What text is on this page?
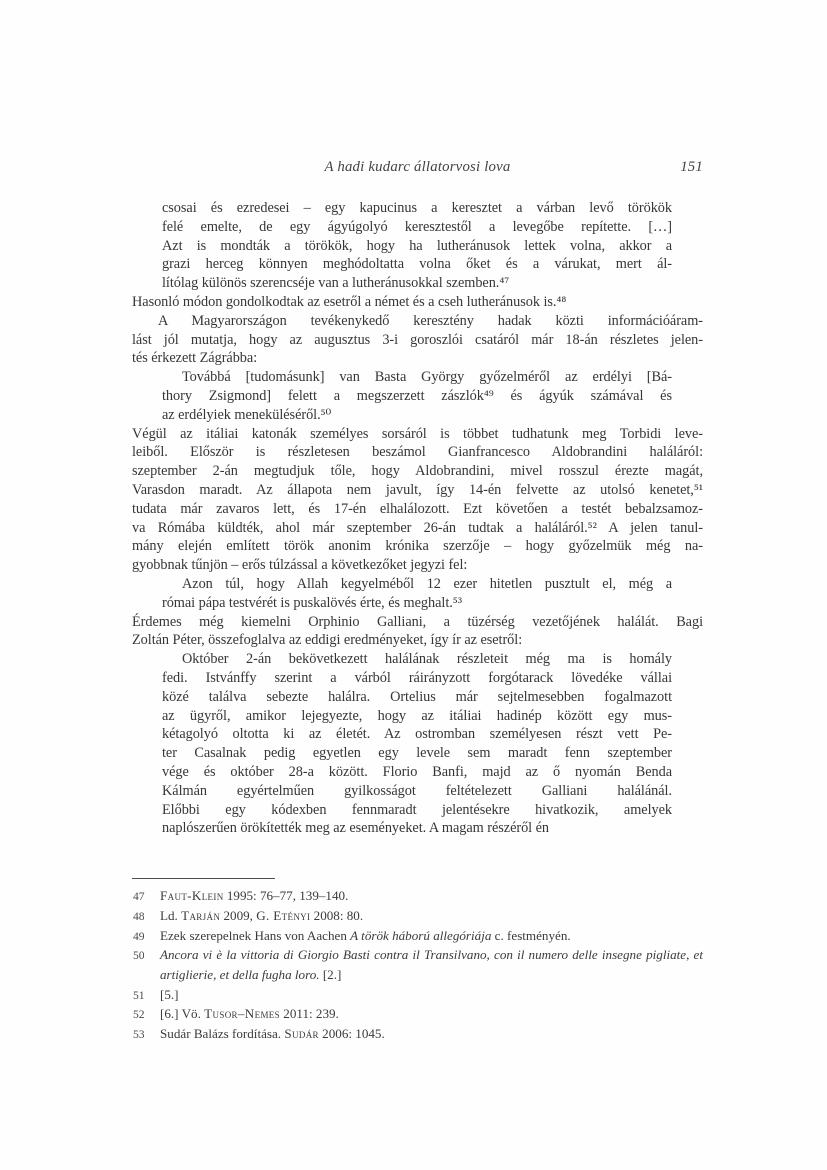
A hadi kudarc állatorvosi lova	151
csosai és ezredesei – egy kapucinus a keresztet a várban levő törökök
felé emelte, de egy ágyúgolyó keresztestől a levegőbe repítette. […]
Azt is mondták a törökök, hogy ha lutheránusok lettek volna, akkor a
grazi herceg könnyen meghódoltatta volna őket és a várukat, mert ál-
lítólag különös szerencséje van a lutheránusokkal szemben.⁴⁷
Hasonló módon gondolkodtak az esetről a német és a cseh lutheránusok is.⁴⁸
A Magyarországon tevékenykedő keresztény hadak közti információáram-
lást jól mutatja, hogy az augusztus 3-i goroszlói csatáról már 18-án részletes jelen-
tés érkezett Zágrábba:
Továbbá [tudomásunk] van Basta György győzelméről az erdélyi [Bá-
thory Zsigmond] felett a megszerzett zászlók⁴⁹ és ágyúk számával és
az erdélyiek meneküléséről.⁵⁰
Végül az itáliai katonák személyes sorsáról is többet tudhatunk meg Torbidi leve-
leiből. Először is részletesen beszámol Gianfrancesco Aldobrandini haláláról:
szeptember 2-án megtudjuk tőle, hogy Aldobrandini, mivel rosszul érezte magát,
Varasdon maradt. Az állapota nem javult, így 14-én felvette az utolsó kenetet,⁵¹
tudata már zavaros lett, és 17-én elhalálozott. Ezt követően a testét bebalzsamoz-
va Rómába küldték, ahol már szeptember 26-án tudtak a haláláról.⁵² A jelen tanul-
mány elején említett török anonim krónika szerzője – hogy győzelmük még na-
gyobbnak tűnjön – erős túlzással a következőket jegyzi fel:
Azon túl, hogy Allah kegyelméből 12 ezer hitetlen pusztult el, még a
római pápa testvérét is puskalövés érte, és meghalt.⁵³
Érdemes még kiemelni Orphinio Galliani, a tüzérség vezetőjének halálát. Bagi
Zoltán Péter, összefoglalva az eddigi eredményeket, így ír az esetről:
Október 2-án bekövetkezett halálának részleteit még ma is homály
fedi. Istvánffy szerint a várból ráirányzott forgótarack lövedéke vállai
közé találva sebezte halálra. Ortelius már sejtelmesebben fogalmazott
az ügyről, amikor lejegyezte, hogy az itáliai hadinép között egy mus-
kétagolyó oltotta ki az életét. Az ostromban személyesen részt vett Pe-
ter Casalnak pedig egyetlen egy levele sem maradt fenn szeptember
vége és október 28-a között. Florio Banfi, majd az ő nyomán Benda
Kálmán egyértelműen gyilkosságot feltételezett Galliani halálánál.
Előbbi egy kódexben fennmaradt jelentésekre hivatkozik, amelyek
naplószerűen örökítették meg az eseményeket. A magam részéről én
47 Faut-Klein 1995: 76–77, 139–140.
48 Ld. Tarján 2009, G. Etényi 2008: 80.
49 Ezek szerepelnek Hans von Aachen A török háború allegóriája c. festményén.
50 Ancora vi è la vittoria di Giorgio Basti contra il Transilvano, con il numero delle insegne pigliate, et artiglierie, et della fugha loro. [2.]
51 [5.]
52 [6.] Vö. Tusor–Nemes 2011: 239.
53 Sudár Balázs fordítása. Sudár 2006: 1045.
